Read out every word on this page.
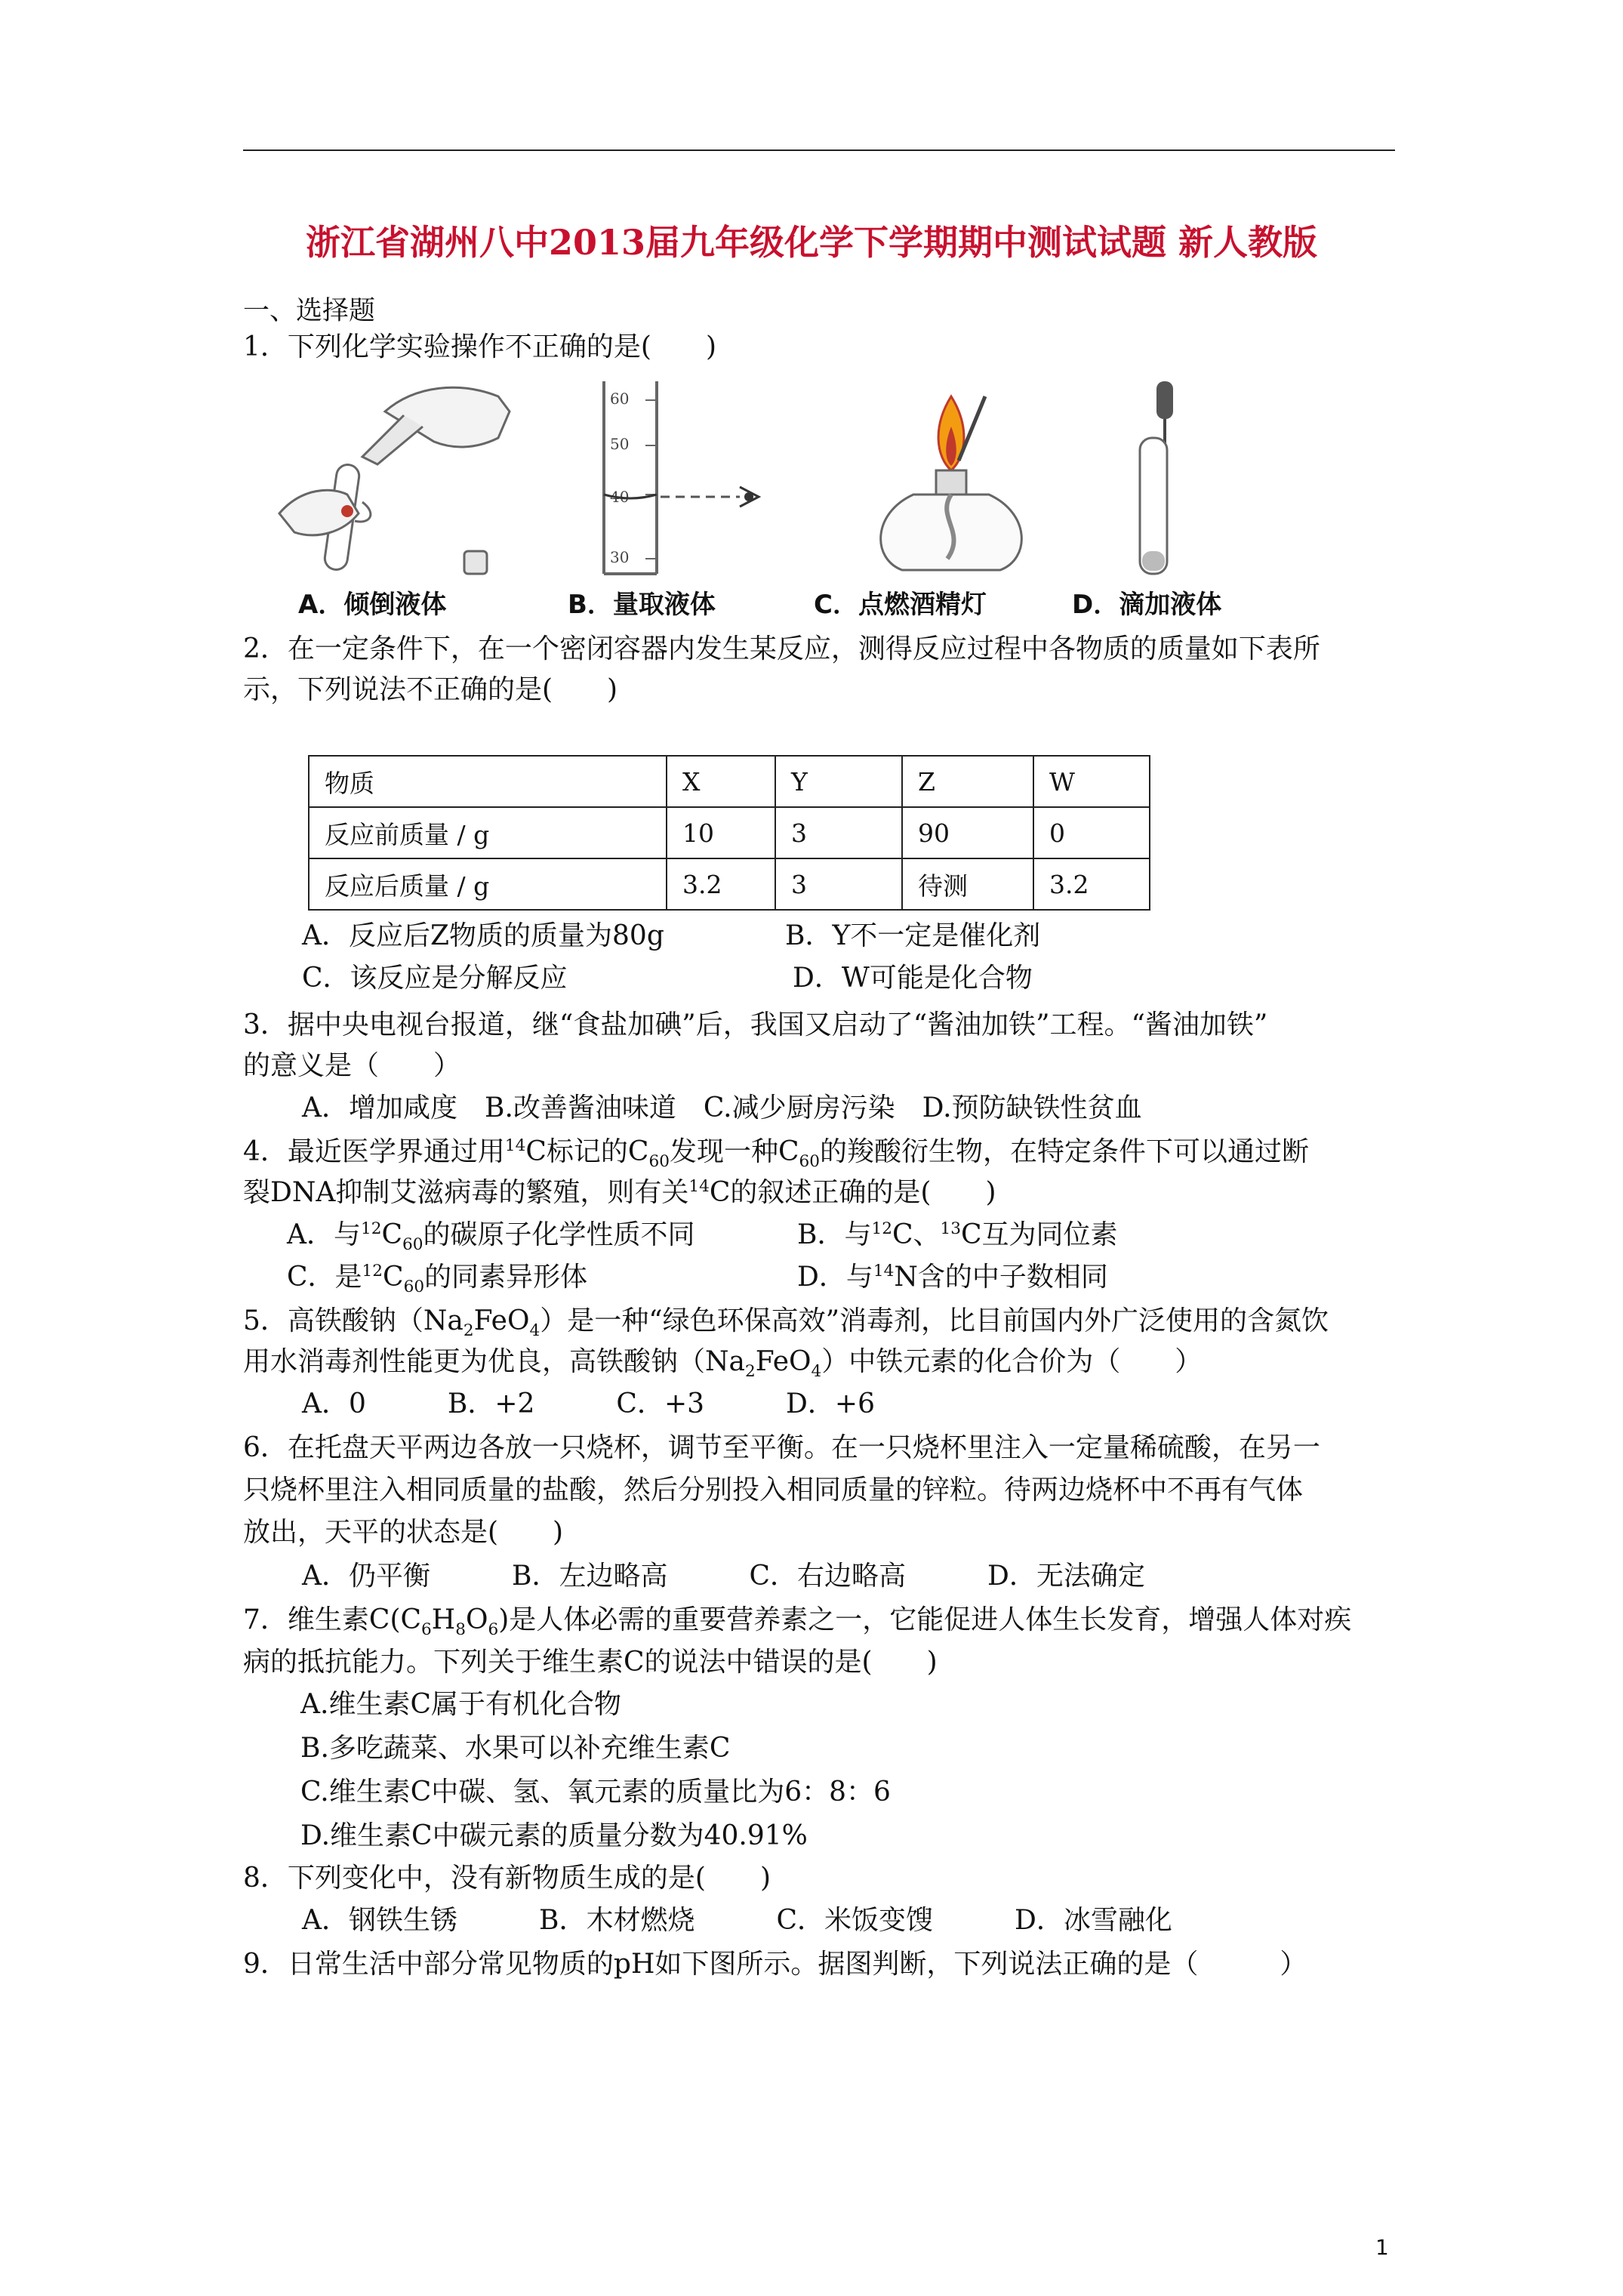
浙江省湖州八中2013届九年级化学下学期期中测试试题 新人教版
一、选择题
1．下列化学实验操作不正确的是(　　)
A．倾倒液体
60
50
40
30
B．量取液体	C．点燃酒精灯	D．滴加液体
2．在一定条件下，在一个密闭容器内发生某反应，测得反应过程中各物质的质量如下表所
示，下列说法不正确的是(　　)
物质	X	Y	Z	W
反应前质量 / g	10	3	90	0
反应后质量 / g	3.2	3	待测	3.2
A．反应后Z物质的质量为80g	B．Y不一定是催化剂
C．该反应是分解反应	D．W可能是化合物
3．据中央电视台报道，继“食盐加碘”后，我国又启动了“酱油加铁”工程。“酱油加铁”
的意义是（　　）
A．增加咸度　B.改善酱油味道　C.减少厨房污染　D.预防缺铁性贫血
4．最近医学界通过用$^{14}$C标记的$C_{60}$发现一种$C_{60}$的羧酸衍生物，在特定条件下可以通过断
裂DNA抑制艾滋病毒的繁殖，则有关$^{14}$C的叙述正确的是(　　)
A．与$^{12}C_{60}$的碳原子化学性质不同	B．与$^{12}$C、$^{13}$C互为同位素
C．是$^{12}C_{60}$的同素异形体	D．与$^{14}$N含的中子数相同
5．高铁酸钠$(Na_2FeO_4)$是一种“绿色环保高效”消毒剂，比目前国内外广泛使用的含氮饮
用水消毒剂性能更为优良，高铁酸钠$(Na_2FeO_4)$中铁元素的化合价为（　　）
A．0　　　B．+2　　　C．+3　　　D．+6
6．在托盘天平两边各放一只烧杯，调节至平衡。在一只烧杯里注入一定量稀硫酸，在另一
只烧杯里注入相同质量的盐酸，然后分别投入相同质量的锌粒。待两边烧杯中不再有气体
放出，天平的状态是(　　)
A．仍平衡　　　B．左边略高　　　C．右边略高　　　D．无法确定
7．维生素$C(C_6H_8O_6)$是人体必需的重要营养素之一，它能促进人体生长发育，增强人体对疾
病的抵抗能力。下列关于维生素C的说法中错误的是(　　)
A.维生素C属于有机化合物
B.多吃蔬菜、水果可以补充维生素C
C.维生素C中碳、氢、氧元素的质量比为6：8：6
D.维生素C中碳元素的质量分数为40.91%
8．下列变化中，没有新物质生成的是(　　)
A．钢铁生锈　　　B．木材燃烧　　　C．米饭变馊　　　D．冰雪融化
9．日常生活中部分常见物质的pH如下图所示。据图判断，下列说法正确的是（　　　）
1
